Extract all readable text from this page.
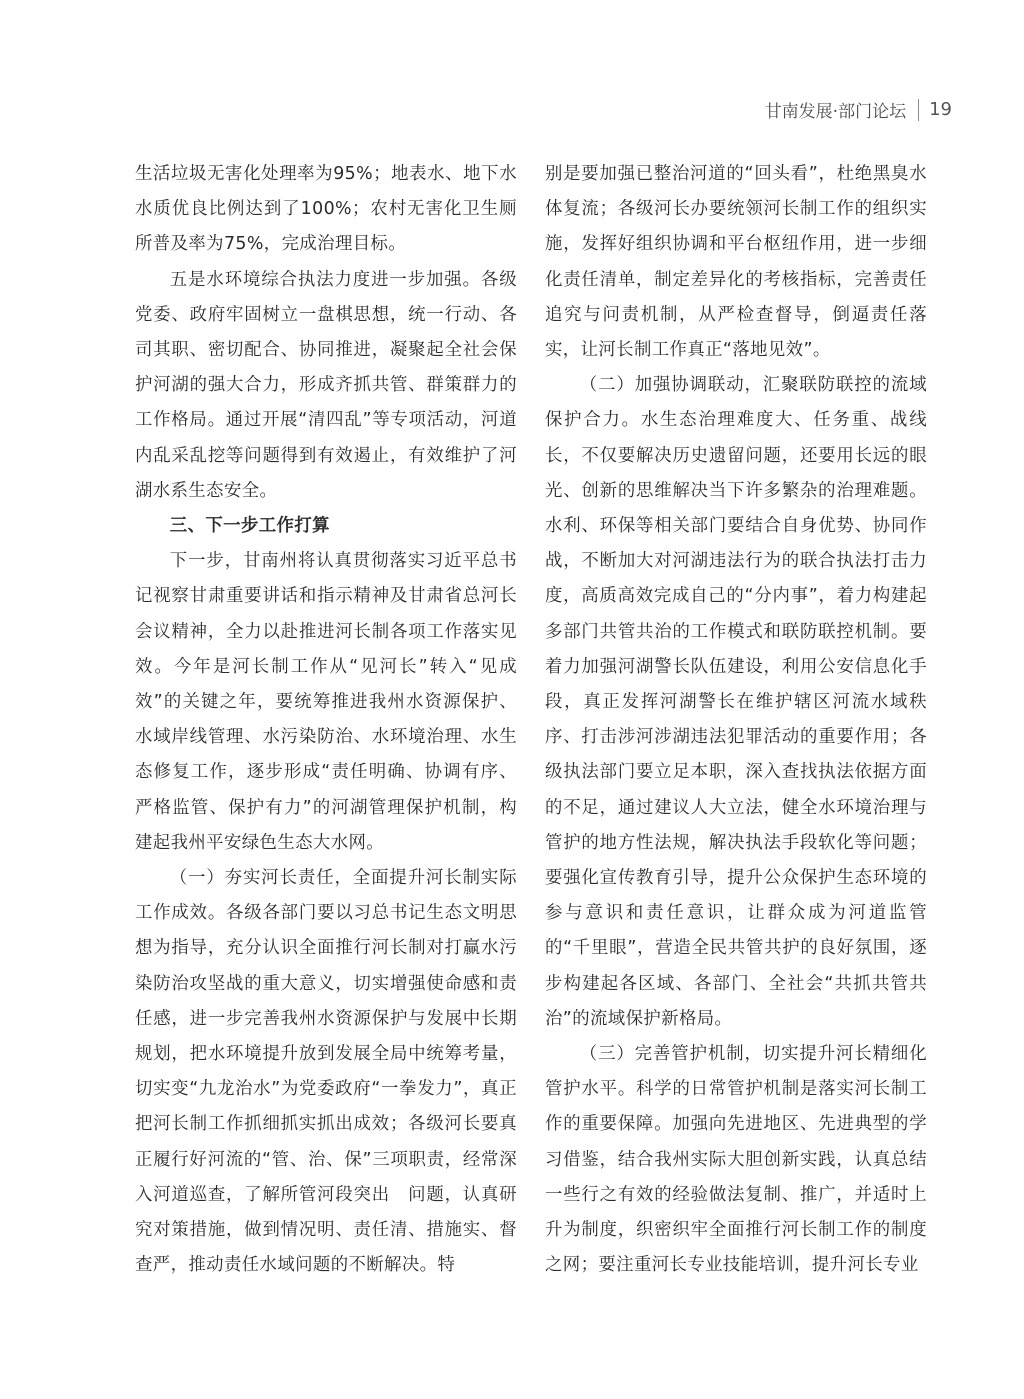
甘南发展·部门论坛 19

生活垃圾无害化处理率为95%；地表水、地下水水质优良比例达到了100%；农村无害化卫生厕所普及率为75%，完成治理目标。

五是水环境综合执法力度进一步加强。各级党委、政府牢固树立一盘棋思想，统一行动、各司其职、密切配合、协同推进，凝聚起全社会保护河湖的强大合力，形成齐抓共管、群策群力的工作格局。通过开展“清四乱”等专项活动，河道内乱采乱挖等问题得到有效遏止，有效维护了河湖水系生态安全。

三、下一步工作打算

下一步，甘南州将认真贯彻落实习近平总书记视察甘肃重要讲话和指示精神及甘肃省总河长会议精神，全力以赴推进河长制各项工作落实见效。今年是河长制工作从“见河长”转入“见成效”的关键之年，要统筹推进我州水资源保护、水域岸线管理、水污染防治、水环境治理、水生态修复工作，逐步形成“责任明确、协调有序、严格监管、保护有力”的河湖管理保护机制，构建起我州平安绿色生态大水网。

（一）夯实河长责任，全面提升河长制实际工作成效。各级各部门要以习总书记生态文明思想为指导，充分认识全面推行河长制对打赢水污染防治攻坚战的重大意义，切实增强使命感和责任感，进一步完善我州水资源保护与发展中长期规划，把水环境提升放到发展全局中统筹考量，切实变“九龙治水”为党委政府“一拳发力”，真正把河长制工作抓细抓实抓出成效；各级河长要真正履行好河流的“管、治、保”三项职责，经常深入河道巡查，了解所管河段突出　问题，认真研究对策措施，做到情况明、责任清、措施实、督查严，推动责任水域问题的不断解决。特

别是要加强已整治河道的“回头看”，杜绝黑臭水体复流；各级河长办要统领河长制工作的组织实施，发挥好组织协调和平台枢纽作用，进一步细化责任清单，制定差异化的考核指标，完善责任追究与问责机制，从严检查督导，倒逼责任落实，让河长制工作真正“落地见效”。

（二）加强协调联动，汇聚联防联控的流域保护合力。水生态治理难度大、任务重、战线长，不仅要解决历史遗留问题，还要用长远的眼光、创新的思维解决当下许多繁杂的治理难题。水利、环保等相关部门要结合自身优势、协同作战，不断加大对河湖违法行为的联合执法打击力度，高质高效完成自己的“分内事”，着力构建起多部门共管共治的工作模式和联防联控机制。要着力加强河湖警长队伍建设，利用公安信息化手段，真正发挥河湖警长在维护辖区河流水域秩序、打击涉河涉湖违法犯罪活动的重要作用；各级执法部门要立足本职，深入查找执法依据方面的不足，通过建议人大立法，健全水环境治理与管护的地方性法规，解决执法手段软化等问题；要强化宣传教育引导，提升公众保护生态环境的参与意识和责任意识，让群众成为河道监管的“千里眼”，营造全民共管共护的良好氛围，逐步构建起各区域、各部门、全社会“共抓共管共治”的流域保护新格局。

（三）完善管护机制，切实提升河长精细化管护水平。科学的日常管护机制是落实河长制工作的重要保障。加强向先进地区、先进典型的学习借鉴，结合我州实际大胆创新实践，认真总结一些行之有效的经验做法复制、推广，并适时上升为制度，织密织牢全面推行河长制工作的制度之网；要注重河长专业技能培训，提升河长专业
